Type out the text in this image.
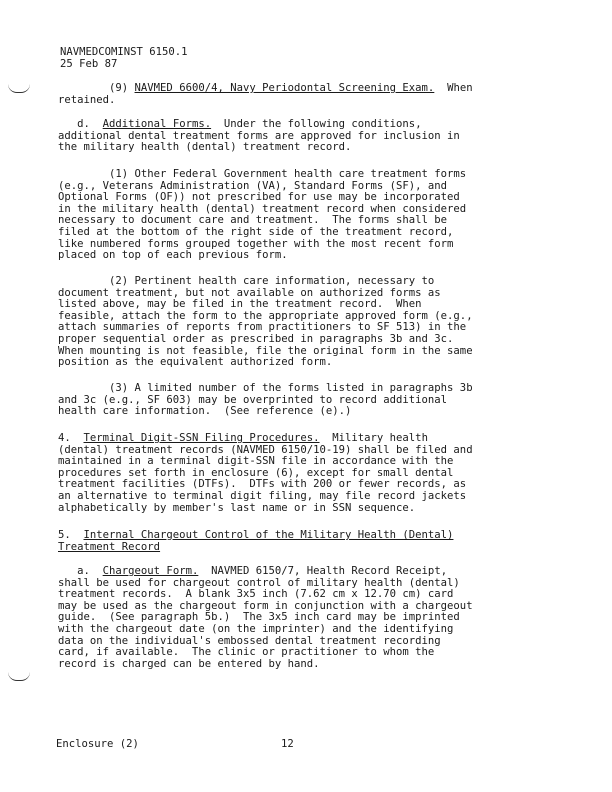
NAVMEDCOMINST 6150.1
25 Feb 87
(9) NAVMED 6600/4, Navy Periodontal Screening Exam.  When
retained.
d.  Additional Forms.  Under the following conditions,
additional dental treatment forms are approved for inclusion in
the military health (dental) treatment record.
(1) Other Federal Government health care treatment forms
(e.g., Veterans Administration (VA), Standard Forms (SF), and
Optional Forms (OF)) not prescribed for use may be incorporated
in the military health (dental) treatment record when considered
necessary to document care and treatment.  The forms shall be
filed at the bottom of the right side of the treatment record,
like numbered forms grouped together with the most recent form
placed on top of each previous form.
(2) Pertinent health care information, necessary to
document treatment, but not available on authorized forms as
listed above, may be filed in the treatment record.  When
feasible, attach the form to the appropriate approved form (e.g.,
attach summaries of reports from practitioners to SF 513) in the
proper sequential order as prescribed in paragraphs 3b and 3c.
When mounting is not feasible, file the original form in the same
position as the equivalent authorized form.
(3) A limited number of the forms listed in paragraphs 3b
and 3c (e.g., SF 603) may be overprinted to record additional
health care information.  (See reference (e).)
4.  Terminal Digit-SSN Filing Procedures.  Military health
(dental) treatment records (NAVMED 6150/10-19) shall be filed and
maintained in a terminal digit-SSN file in accordance with the
procedures set forth in enclosure (6), except for small dental
treatment facilities (DTFs).  DTFs with 200 or fewer records, as
an alternative to terminal digit filing, may file record jackets
alphabetically by member's last name or in SSN sequence.
5.  Internal Chargeout Control of the Military Health (Dental)
Treatment Record
a.  Chargeout Form.  NAVMED 6150/7, Health Record Receipt,
shall be used for chargeout control of military health (dental)
treatment records.  A blank 3x5 inch (7.62 cm x 12.70 cm) card
may be used as the chargeout form in conjunction with a chargeout
guide.  (See paragraph 5b.)  The 3x5 inch card may be imprinted
with the chargeout date (on the imprinter) and the identifying
data on the individual's embossed dental treatment recording
card, if available.  The clinic or practitioner to whom the
record is charged can be entered by hand.
Enclosure (2)	12
